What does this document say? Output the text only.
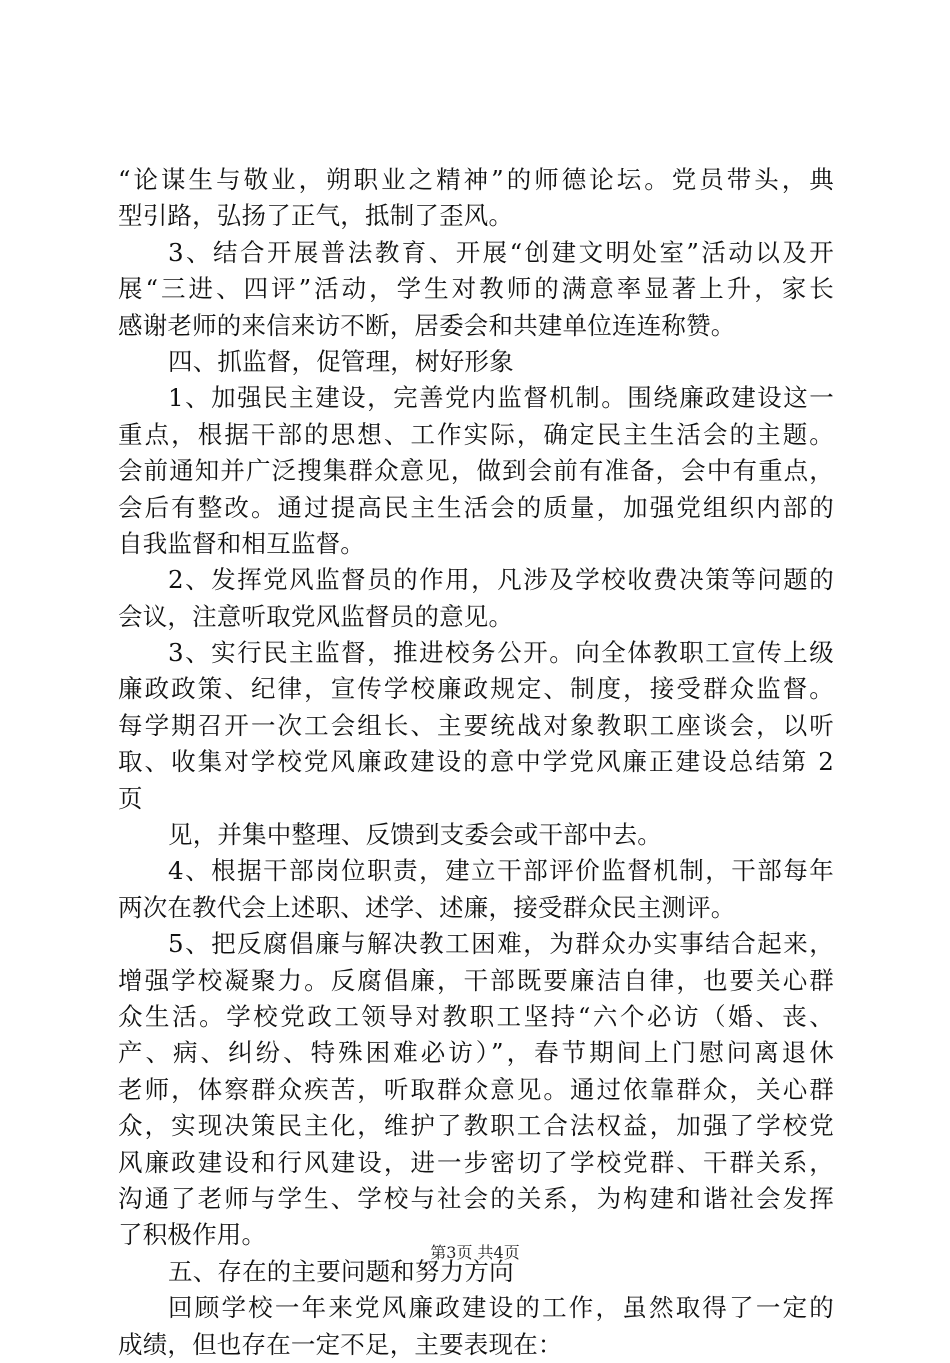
“论谋生与敬业，朔职业之精神”的师德论坛。党员带头，典
型引路，弘扬了正气，抵制了歪风。
3、结合开展普法教育、开展“创建文明处室”活动以及开
展“三进、四评”活动，学生对教师的满意率显著上升，家长
感谢老师的来信来访不断，居委会和共建单位连连称赞。
四、抓监督，促管理，树好形象
1、加强民主建设，完善党内监督机制。围绕廉政建设这一
重点，根据干部的思想、工作实际，确定民主生活会的主题。
会前通知并广泛搜集群众意见，做到会前有准备，会中有重点，
会后有整改。通过提高民主生活会的质量，加强党组织内部的
自我监督和相互监督。
2、发挥党风监督员的作用，凡涉及学校收费决策等问题的
会议，注意听取党风监督员的意见。
3、实行民主监督，推进校务公开。向全体教职工宣传上级
廉政政策、纪律，宣传学校廉政规定、制度，接受群众监督。
每学期召开一次工会组长、主要统战对象教职工座谈会，以听
取、收集对学校党风廉政建设的意中学党风廉正建设总结第 2
页
见，并集中整理、反馈到支委会或干部中去。
4、根据干部岗位职责，建立干部评价监督机制，干部每年
两次在教代会上述职、述学、述廉，接受群众民主测评。
5、把反腐倡廉与解决教工困难，为群众办实事结合起来，
增强学校凝聚力。反腐倡廉，干部既要廉洁自律，也要关心群
众生活。学校党政工领导对教职工坚持“六个必访（婚、丧、
产、病、纠纷、特殊困难必访）”，春节期间上门慰问离退休
老师，体察群众疾苦，听取群众意见。通过依靠群众，关心群
众，实现决策民主化，维护了教职工合法权益，加强了学校党
风廉政建设和行风建设，进一步密切了学校党群、干群关系，
沟通了老师与学生、学校与社会的关系，为构建和谐社会发挥
了积极作用。
五、存在的主要问题和努力方向
回顾学校一年来党风廉政建设的工作，虽然取得了一定的
成绩，但也存在一定不足，主要表现在：
第3页 共4页
